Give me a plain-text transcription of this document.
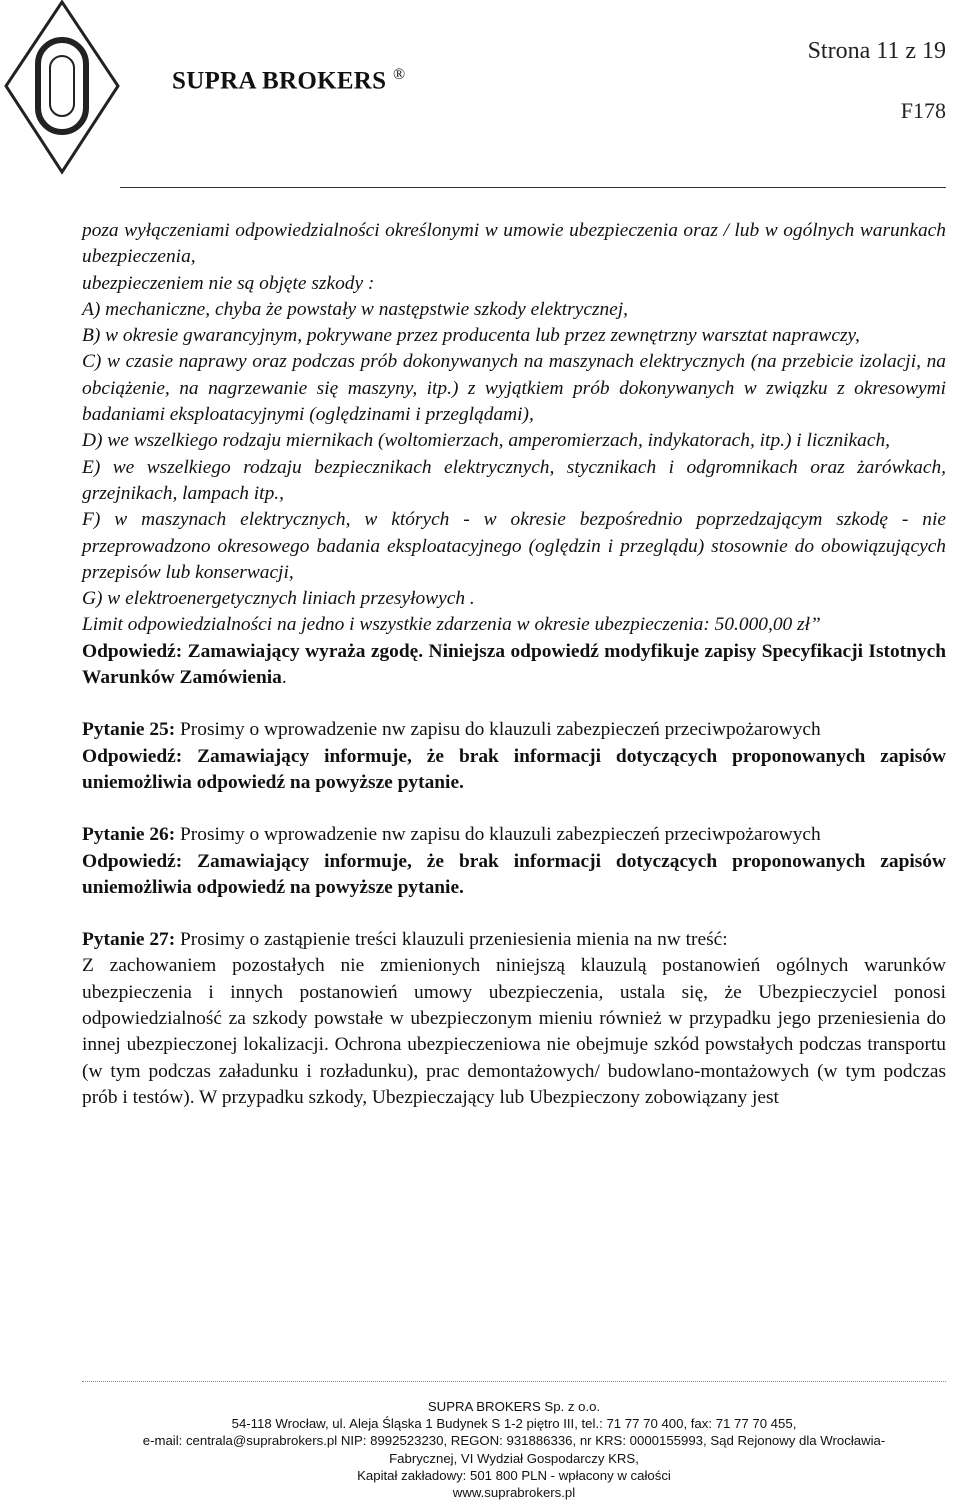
SUPRA BROKERS ®
Strona 11 z 19
F178

poza wyłączeniami odpowiedzialności określonymi w umowie ubezpieczenia oraz / lub w ogólnych warunkach ubezpieczenia,

ubezpieczeniem nie są objęte szkody :

A) mechaniczne, chyba że powstały w następstwie szkody elektrycznej,

B) w okresie gwarancyjnym, pokrywane przez producenta lub przez zewnętrzny warsztat naprawczy,

C) w czasie naprawy oraz podczas prób dokonywanych na maszynach elektrycznych (na przebicie izolacji, na obciążenie, na nagrzewanie się maszyny, itp.) z wyjątkiem prób dokonywanych w związku z okresowymi badaniami eksploatacyjnymi (oględzinami i przeglądami),

D) we wszelkiego rodzaju miernikach (woltomierzach, amperomierzach, indykatorach, itp.) i licznikach,

E) we wszelkiego rodzaju bezpiecznikach elektrycznych, stycznikach i odgromnikach oraz żarówkach, grzejnikach, lampach itp.,

F) w maszynach elektrycznych, w których - w okresie bezpośrednio poprzedzającym szkodę - nie przeprowadzono okresowego badania eksploatacyjnego (oględzin i przeglądu) stosownie do obowiązujących przepisów lub konserwacji,

G) w elektroenergetycznych liniach przesyłowych .

Limit odpowiedzialności na jedno i wszystkie zdarzenia w okresie ubezpieczenia: 50.000,00 zł”

Odpowiedź: Zamawiający wyraża zgodę. Niniejsza odpowiedź modyfikuje zapisy Specyfikacji Istotnych Warunków Zamówienia.

Pytanie 25: Prosimy o wprowadzenie nw zapisu do klauzuli zabezpieczeń przeciwpożarowych

Odpowiedź: Zamawiający informuje, że brak informacji dotyczących proponowanych zapisów uniemożliwia odpowiedź na powyższe pytanie.

Pytanie 26: Prosimy o wprowadzenie nw zapisu do klauzuli zabezpieczeń przeciwpożarowych

Odpowiedź: Zamawiający informuje, że brak informacji dotyczących proponowanych zapisów uniemożliwia odpowiedź na powyższe pytanie.

Pytanie 27: Prosimy o zastąpienie treści klauzuli przeniesienia mienia na nw treść:

Z zachowaniem pozostałych nie zmienionych niniejszą klauzulą postanowień ogólnych warunków ubezpieczenia i innych postanowień umowy ubezpieczenia, ustala się, że Ubezpieczyciel ponosi odpowiedzialność za szkody powstałe w ubezpieczonym mieniu również w przypadku jego przeniesienia do innej ubezpieczonej lokalizacji. Ochrona ubezpieczeniowa nie obejmuje szkód powstałych podczas transportu (w tym podczas załadunku i rozładunku), prac demontażowych/ budowlano-montażowych (w tym podczas prób i testów). W przypadku szkody, Ubezpieczający lub Ubezpieczony zobowiązany jest

SUPRA BROKERS Sp. z o.o.
54-118 Wrocław, ul. Aleja Śląska 1 Budynek S 1-2 piętro III, tel.: 71 77 70 400, fax: 71 77 70 455,
e-mail: centrala@suprabrokers.pl NIP: 8992523230, REGON: 931886336, nr KRS: 0000155993, Sąd Rejonowy dla Wrocławia-
Fabrycznej, VI Wydział Gospodarczy KRS,
Kapitał zakładowy: 501 800 PLN - wpłacony w całości
www.suprabrokers.pl
